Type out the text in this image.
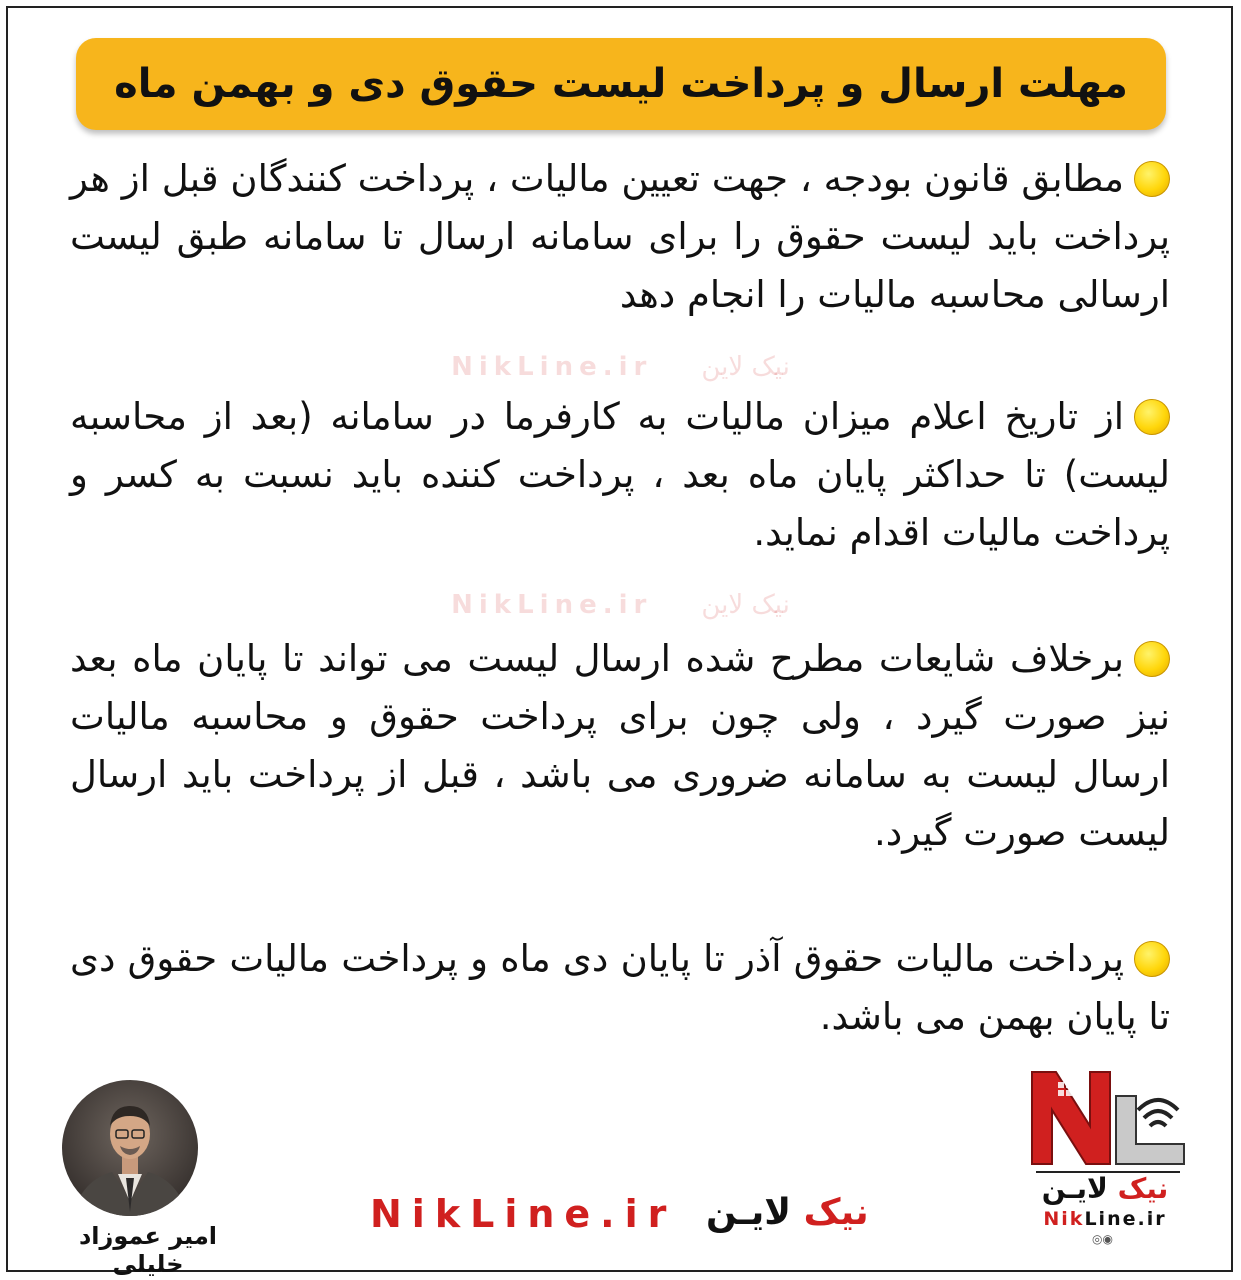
مهلت ارسال و پرداخت لیست حقوق دی و بهمن ماه
مطابق قانون بودجه ، جهت تعیین مالیات ، پرداخت کنندگان قبل از هر پرداخت باید لیست حقوق را برای سامانه ارسال تا سامانه طبق لیست ارسالی محاسبه مالیات را انجام دهد
NikLine.ir نیک لاین
از تاریخ اعلام میزان مالیات به کارفرما در سامانه (بعد از محاسبه لیست) تا حداکثر پایان ماه بعد ، پرداخت کننده باید نسبت به کسر و پرداخت مالیات اقدام نماید.
NikLine.ir نیک لاین
برخلاف شایعات مطرح شده ارسال لیست می تواند تا پایان ماه بعد نیز صورت گیرد ، ولی چون برای پرداخت حقوق و محاسبه مالیات ارسال لیست به سامانه ضروری می باشد ، قبل از پرداخت باید ارسال لیست صورت گیرد.
پرداخت مالیات حقوق آذر تا پایان دی ماه و پرداخت مالیات حقوق دی تا پایان بهمن می باشد.
امیر عموزاد خلیلی
NikLine.ir	نیک لایـن
نیک لایـن
NikLine.ir
◎◉
